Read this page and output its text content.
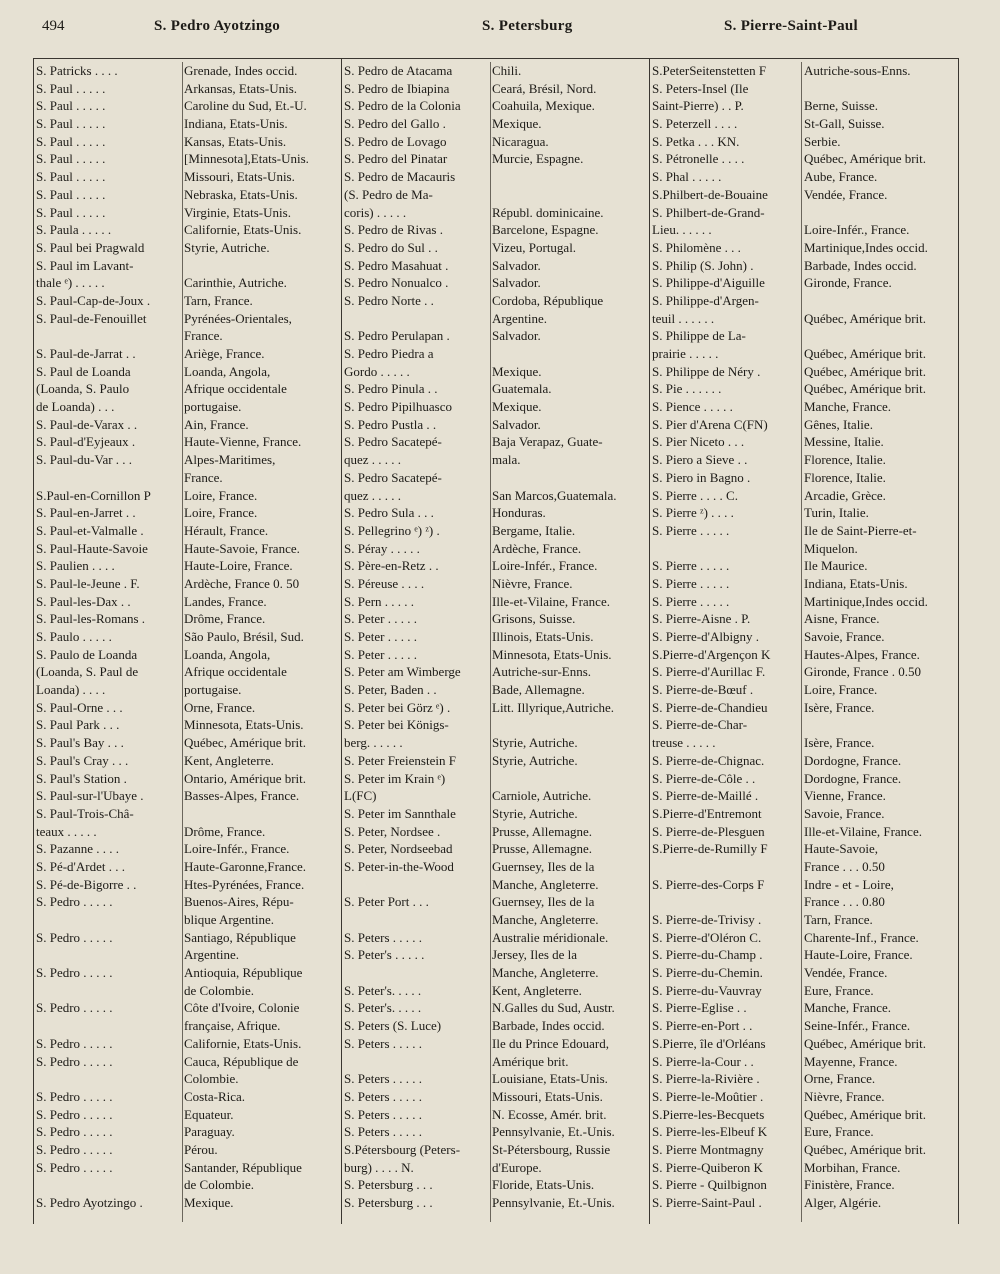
494	S. Pedro Ayotzingo	S. Petersburg	S. Pierre-Saint-Paul
S. Patricks . . . .	Grenade, Indes occid.
S. Paul . . . . .	Arkansas, Etats-Unis.
S. Paul . . . . .	Caroline du Sud, Et.-U.
S. Paul . . . . .	Indiana, Etats-Unis.
S. Paul . . . . .	Kansas, Etats-Unis.
S. Paul . . . . .	[Minnesota],Etats-Unis.
S. Paul . . . . .	Missouri, Etats-Unis.
S. Paul . . . . .	Nebraska, Etats-Unis.
S. Paul . . . . .	Virginie, Etats-Unis.
S. Paula . . . . .	Californie, Etats-Unis.
S. Paul bei Pragwald	Styrie, Autriche.
S. Paul im Lavant-
thale ᵉ) . . . . .	Carinthie, Autriche.
S. Paul-Cap-de-Joux .	Tarn, France.
S. Paul-de-Fenouillet	Pyrénées-Orientales,
France.
S. Paul-de-Jarrat . .	Ariège, France.
S. Paul de Loanda	Loanda, Angola,
(Loanda, S. Paulo	Afrique occidentale
de Loanda) . . .	portugaise.
S. Paul-de-Varax . .	Ain, France.
S. Paul-d'Eyjeaux .	Haute-Vienne, France.
S. Paul-du-Var . . .	Alpes-Maritimes,
France.
S.Paul-en-Cornillon P	Loire, France.
S. Paul-en-Jarret . .	Loire, France.
S. Paul-et-Valmalle .	Hérault, France.
S. Paul-Haute-Savoie	Haute-Savoie, France.
S. Paulien . . . .	Haute-Loire, France.
S. Paul-le-Jeune . F.	Ardèche, France 0. 50
S. Paul-les-Dax . .	Landes, France.
S. Paul-les-Romans .	Drôme, France.
S. Paulo . . . . .	São Paulo, Brésil, Sud.
S. Paulo de Loanda	Loanda, Angola,
(Loanda, S. Paul de	Afrique occidentale
Loanda) . . . .	portugaise.
S. Paul-Orne . . .	Orne, France.
S. Paul Park . . .	Minnesota, Etats-Unis.
S. Paul's Bay . . .	Québec, Amérique brit.
S. Paul's Cray . . .	Kent, Angleterre.
S. Paul's Station .	Ontario, Amérique brit.
S. Paul-sur-l'Ubaye .	Basses-Alpes, France.
S. Paul-Trois-Châ-
teaux . . . . .	Drôme, France.
S. Pazanne . . . .	Loire-Infér., France.
S. Pé-d'Ardet . . .	Haute-Garonne,France.
S. Pé-de-Bigorre . .	Htes-Pyrénées, France.
S. Pedro . . . . .	Buenos-Aires, Répu-
blique Argentine.
S. Pedro . . . . .	Santiago, République
Argentine.
S. Pedro . . . . .	Antioquia, République
de Colombie.
S. Pedro . . . . .	Côte d'Ivoire, Colonie
française, Afrique.
S. Pedro . . . . .	Californie, Etats-Unis.
S. Pedro . . . . .	Cauca, République de
Colombie.
S. Pedro . . . . .	Costa-Rica.
S. Pedro . . . . .	Equateur.
S. Pedro . . . . .	Paraguay.
S. Pedro . . . . .	Pérou.
S. Pedro . . . . .	Santander, République
de Colombie.
S. Pedro Ayotzingo .	Mexique.
S. Pedro de Atacama	Chili.
S. Pedro de Ibiapina	Ceará, Brésil, Nord.
S. Pedro de la Colonia	Coahuila, Mexique.
S. Pedro del Gallo .	Mexique.
S. Pedro de Lovago	Nicaragua.
S. Pedro del Pinatar	Murcie, Espagne.
S. Pedro de Macauris
(S. Pedro de Ma-
coris) . . . . .	Républ. dominicaine.
S. Pedro de Rivas .	Barcelone, Espagne.
S. Pedro do Sul . .	Vizeu, Portugal.
S. Pedro Masahuat .	Salvador.
S. Pedro Nonualco .	Salvador.
S. Pedro Norte . .	Cordoba, République
Argentine.
S. Pedro Perulapan .	Salvador.
S. Pedro Piedra a
Gordo . . . . .	Mexique.
S. Pedro Pinula . .	Guatemala.
S. Pedro Pipilhuasco	Mexique.
S. Pedro Pustla . .	Salvador.
S. Pedro Sacatepé-	Baja Verapaz, Guate-
quez . . . . .	mala.
S. Pedro Sacatepé-
quez . . . . .	San Marcos,Guatemala.
S. Pedro Sula . . .	Honduras.
S. Pellegrino ᵉ) ᶻ) .	Bergame, Italie.
S. Péray . . . . .	Ardèche, France.
S. Père-en-Retz . .	Loire-Infér., France.
S. Péreuse . . . .	Nièvre, France.
S. Pern . . . . .	Ille-et-Vilaine, France.
S. Peter . . . . .	Grisons, Suisse.
S. Peter . . . . .	Illinois, Etats-Unis.
S. Peter . . . . .	Minnesota, Etats-Unis.
S. Peter am Wimberge	Autriche-sur-Enns.
S. Peter, Baden . .	Bade, Allemagne.
S. Peter bei Görz ᵉ) .	Litt. Illyrique,Autriche.
S. Peter bei Königs-
berg. . . . . .	Styrie, Autriche.
S. Peter Freienstein F	Styrie, Autriche.
S. Peter im Krain ᵉ)
L(FC)	Carniole, Autriche.
S. Peter im Sannthale	Styrie, Autriche.
S. Peter, Nordsee .	Prusse, Allemagne.
S. Peter, Nordseebad	Prusse, Allemagne.
S. Peter-in-the-Wood	Guernsey, Iles de la
Manche, Angleterre.
S. Peter Port . . .	Guernsey, Iles de la
Manche, Angleterre.
S. Peters . . . . .	Australie méridionale.
S. Peter's . . . . .	Jersey, Iles de la
Manche, Angleterre.
S. Peter's. . . . .	Kent, Angleterre.
S. Peter's. . . . .	N.Galles du Sud, Austr.
S. Peters (S. Luce)	Barbade, Indes occid.
S. Peters . . . . .	Ile du Prince Edouard,
Amérique brit.
S. Peters . . . . .	Louisiane, Etats-Unis.
S. Peters . . . . .	Missouri, Etats-Unis.
S. Peters . . . . .	N. Ecosse, Amér. brit.
S. Peters . . . . .	Pennsylvanie, Et.-Unis.
S.Pétersbourg (Peters-	St-Pétersbourg, Russie
burg) . . . . N.	d'Europe.
S. Petersburg . . .	Floride, Etats-Unis.
S. Petersburg . . .	Pennsylvanie, Et.-Unis.
S.PeterSeitenstetten F	Autriche-sous-Enns.
S. Peters-Insel (Ile
Saint-Pierre) . . P.	Berne, Suisse.
S. Peterzell . . . .	St-Gall, Suisse.
S. Petka . . . KN.	Serbie.
S. Pétronelle . . . .	Québec, Amérique brit.
S. Phal . . . . .	Aube, France.
S.Philbert-de-Bouaine	Vendée, France.
S. Philbert-de-Grand-
Lieu. . . . . .	Loire-Infér., France.
S. Philomène . . .	Martinique,Indes occid.
S. Philip (S. John) .	Barbade, Indes occid.
S. Philippe-d'Aiguille	Gironde, France.
S. Philippe-d'Argen-
teuil . . . . . .	Québec, Amérique brit.
S. Philippe de La-
prairie . . . . .	Québec, Amérique brit.
S. Philippe de Néry .	Québec, Amérique brit.
S. Pie . . . . . .	Québec, Amérique brit.
S. Pience . . . . .	Manche, France.
S. Pier d'Arena C(FN)	Gênes, Italie.
S. Pier Niceto . . .	Messine, Italie.
S. Piero a Sieve . .	Florence, Italie.
S. Piero in Bagno .	Florence, Italie.
S. Pierre . . . . C.	Arcadie, Grèce.
S. Pierre ᶻ) . . . .	Turin, Italie.
S. Pierre . . . . .	Ile de Saint-Pierre-et-
Miquelon.
S. Pierre . . . . .	Ile Maurice.
S. Pierre . . . . .	Indiana, Etats-Unis.
S. Pierre . . . . .	Martinique,Indes occid.
S. Pierre-Aisne . P.	Aisne, France.
S. Pierre-d'Albigny .	Savoie, France.
S.Pierre-d'Argençon K	Hautes-Alpes, France.
S. Pierre-d'Aurillac F.	Gironde, France . 0.50
S. Pierre-de-Bœuf .	Loire, France.
S. Pierre-de-Chandieu	Isère, France.
S. Pierre-de-Char-
treuse . . . . .	Isère, France.
S. Pierre-de-Chignac.	Dordogne, France.
S. Pierre-de-Côle . .	Dordogne, France.
S. Pierre-de-Maillé .	Vienne, France.
S.Pierre-d'Entremont	Savoie, France.
S. Pierre-de-Plesguen	Ille-et-Vilaine, France.
S.Pierre-de-Rumilly F	Haute-Savoie,
France . . . 0.50
S. Pierre-des-Corps F	Indre - et - Loire,
France . . . 0.80
S. Pierre-de-Trivisy .	Tarn, France.
S. Pierre-d'Oléron C.	Charente-Inf., France.
S. Pierre-du-Champ .	Haute-Loire, France.
S. Pierre-du-Chemin.	Vendée, France.
S. Pierre-du-Vauvray	Eure, France.
S. Pierre-Eglise . .	Manche, France.
S. Pierre-en-Port . .	Seine-Infér., France.
S.Pierre, île d'Orléans	Québec, Amérique brit.
S. Pierre-la-Cour . .	Mayenne, France.
S. Pierre-la-Rivière .	Orne, France.
S. Pierre-le-Moûtier .	Nièvre, France.
S.Pierre-les-Becquets	Québec, Amérique brit.
S. Pierre-les-Elbeuf K	Eure, France.
S. Pierre Montmagny	Québec, Amérique brit.
S. Pierre-Quiberon K	Morbihan, France.
S. Pierre - Quilbignon	Finistère, France.
S. Pierre-Saint-Paul .	Alger, Algérie.
